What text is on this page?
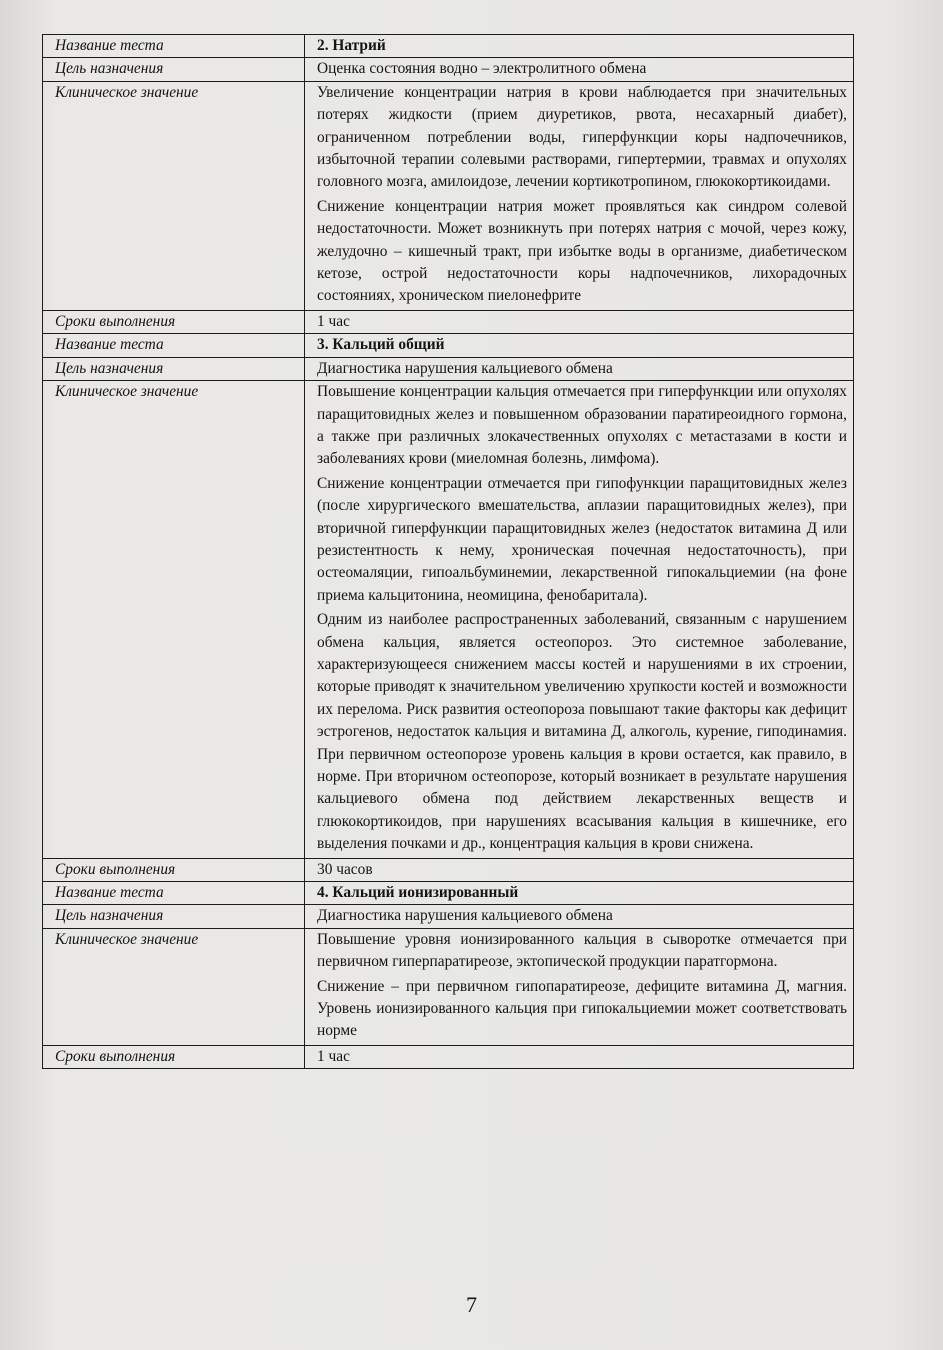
Название теста	2. Натрий
Цель назначения	Оценка состояния водно – электролитного обмена
Клиническое значение	Увеличение концентрации натрия в крови наблюдается при значительных потерях жидкости (прием диуретиков, рвота, несахарный диабет), ограниченном потреблении воды, гиперфункции коры надпочечников, избыточной терапии солевыми растворами, гипертермии, травмах и опухолях головного мозга, амилоидозе, лечении кортикотропином, глюкокортикоидами.
Снижение концентрации натрия может проявляться как синдром солевой недостаточности. Может возникнуть при потерях натрия с мочой, через кожу, желудочно – кишечный тракт, при избытке воды в организме, диабетическом кетозе, острой недостаточности коры надпочечников, лихорадочных состояниях, хроническом пиелонефрите

Сроки выполнения	1 час
Название теста	3. Кальций общий
Цель назначения	Диагностика нарушения кальциевого обмена
Клиническое значение	Повышение концентрации кальция отмечается при гиперфункции или опухолях паращитовидных желез и повышенном образовании паратиреоидного гормона, а также при различных злокачественных опухолях с метастазами в кости и заболеваниях крови (миеломная болезнь, лимфома).
Снижение концентрации отмечается при гипофункции паращитовидных желез (после хирургического вмешательства, аплазии паращитовидных желез), при вторичной гиперфункции паращитовидных желез (недостаток витамина Д или резистентность к нему, хроническая почечная недостаточность), при остеомаляции, гипоальбуминемии, лекарственной гипокальциемии (на фоне приема кальцитонина, неомицина, фенобаритала).
Одним из наиболее распространенных заболеваний, связанным с нарушением обмена кальция, является остеопороз. Это системное заболевание, характеризующееся снижением массы костей и нарушениями в их строении, которые приводят к значительном увеличению хрупкости костей и возможности их перелома. Риск развития остеопороза повышают такие факторы как дефицит эстрогенов, недостаток кальция и витамина Д, алкоголь, курение, гиподинамия. При первичном остеопорозе уровень кальция в крови остается, как правило, в норме. При вторичном остеопорозе, который возникает в результате нарушения кальциевого обмена под действием лекарственных веществ и глюкокортикоидов, при нарушениях всасывания кальция в кишечнике, его выделения почками и др., концентрация кальция в крови снижена.

Сроки выполнения	30 часов
Название теста	4. Кальций ионизированный
Цель назначения	Диагностика нарушения кальциевого обмена
Клиническое значение	Повышение уровня ионизированного кальция в сыворотке отмечается при первичном гиперпаратиреозе, эктопической продукции паратгормона.
Снижение – при первичном гипопаратиреозе, дефиците витамина Д, магния. Уровень ионизированного кальция при гипокальциемии может соответствовать норме

Сроки выполнения	1 час
7
